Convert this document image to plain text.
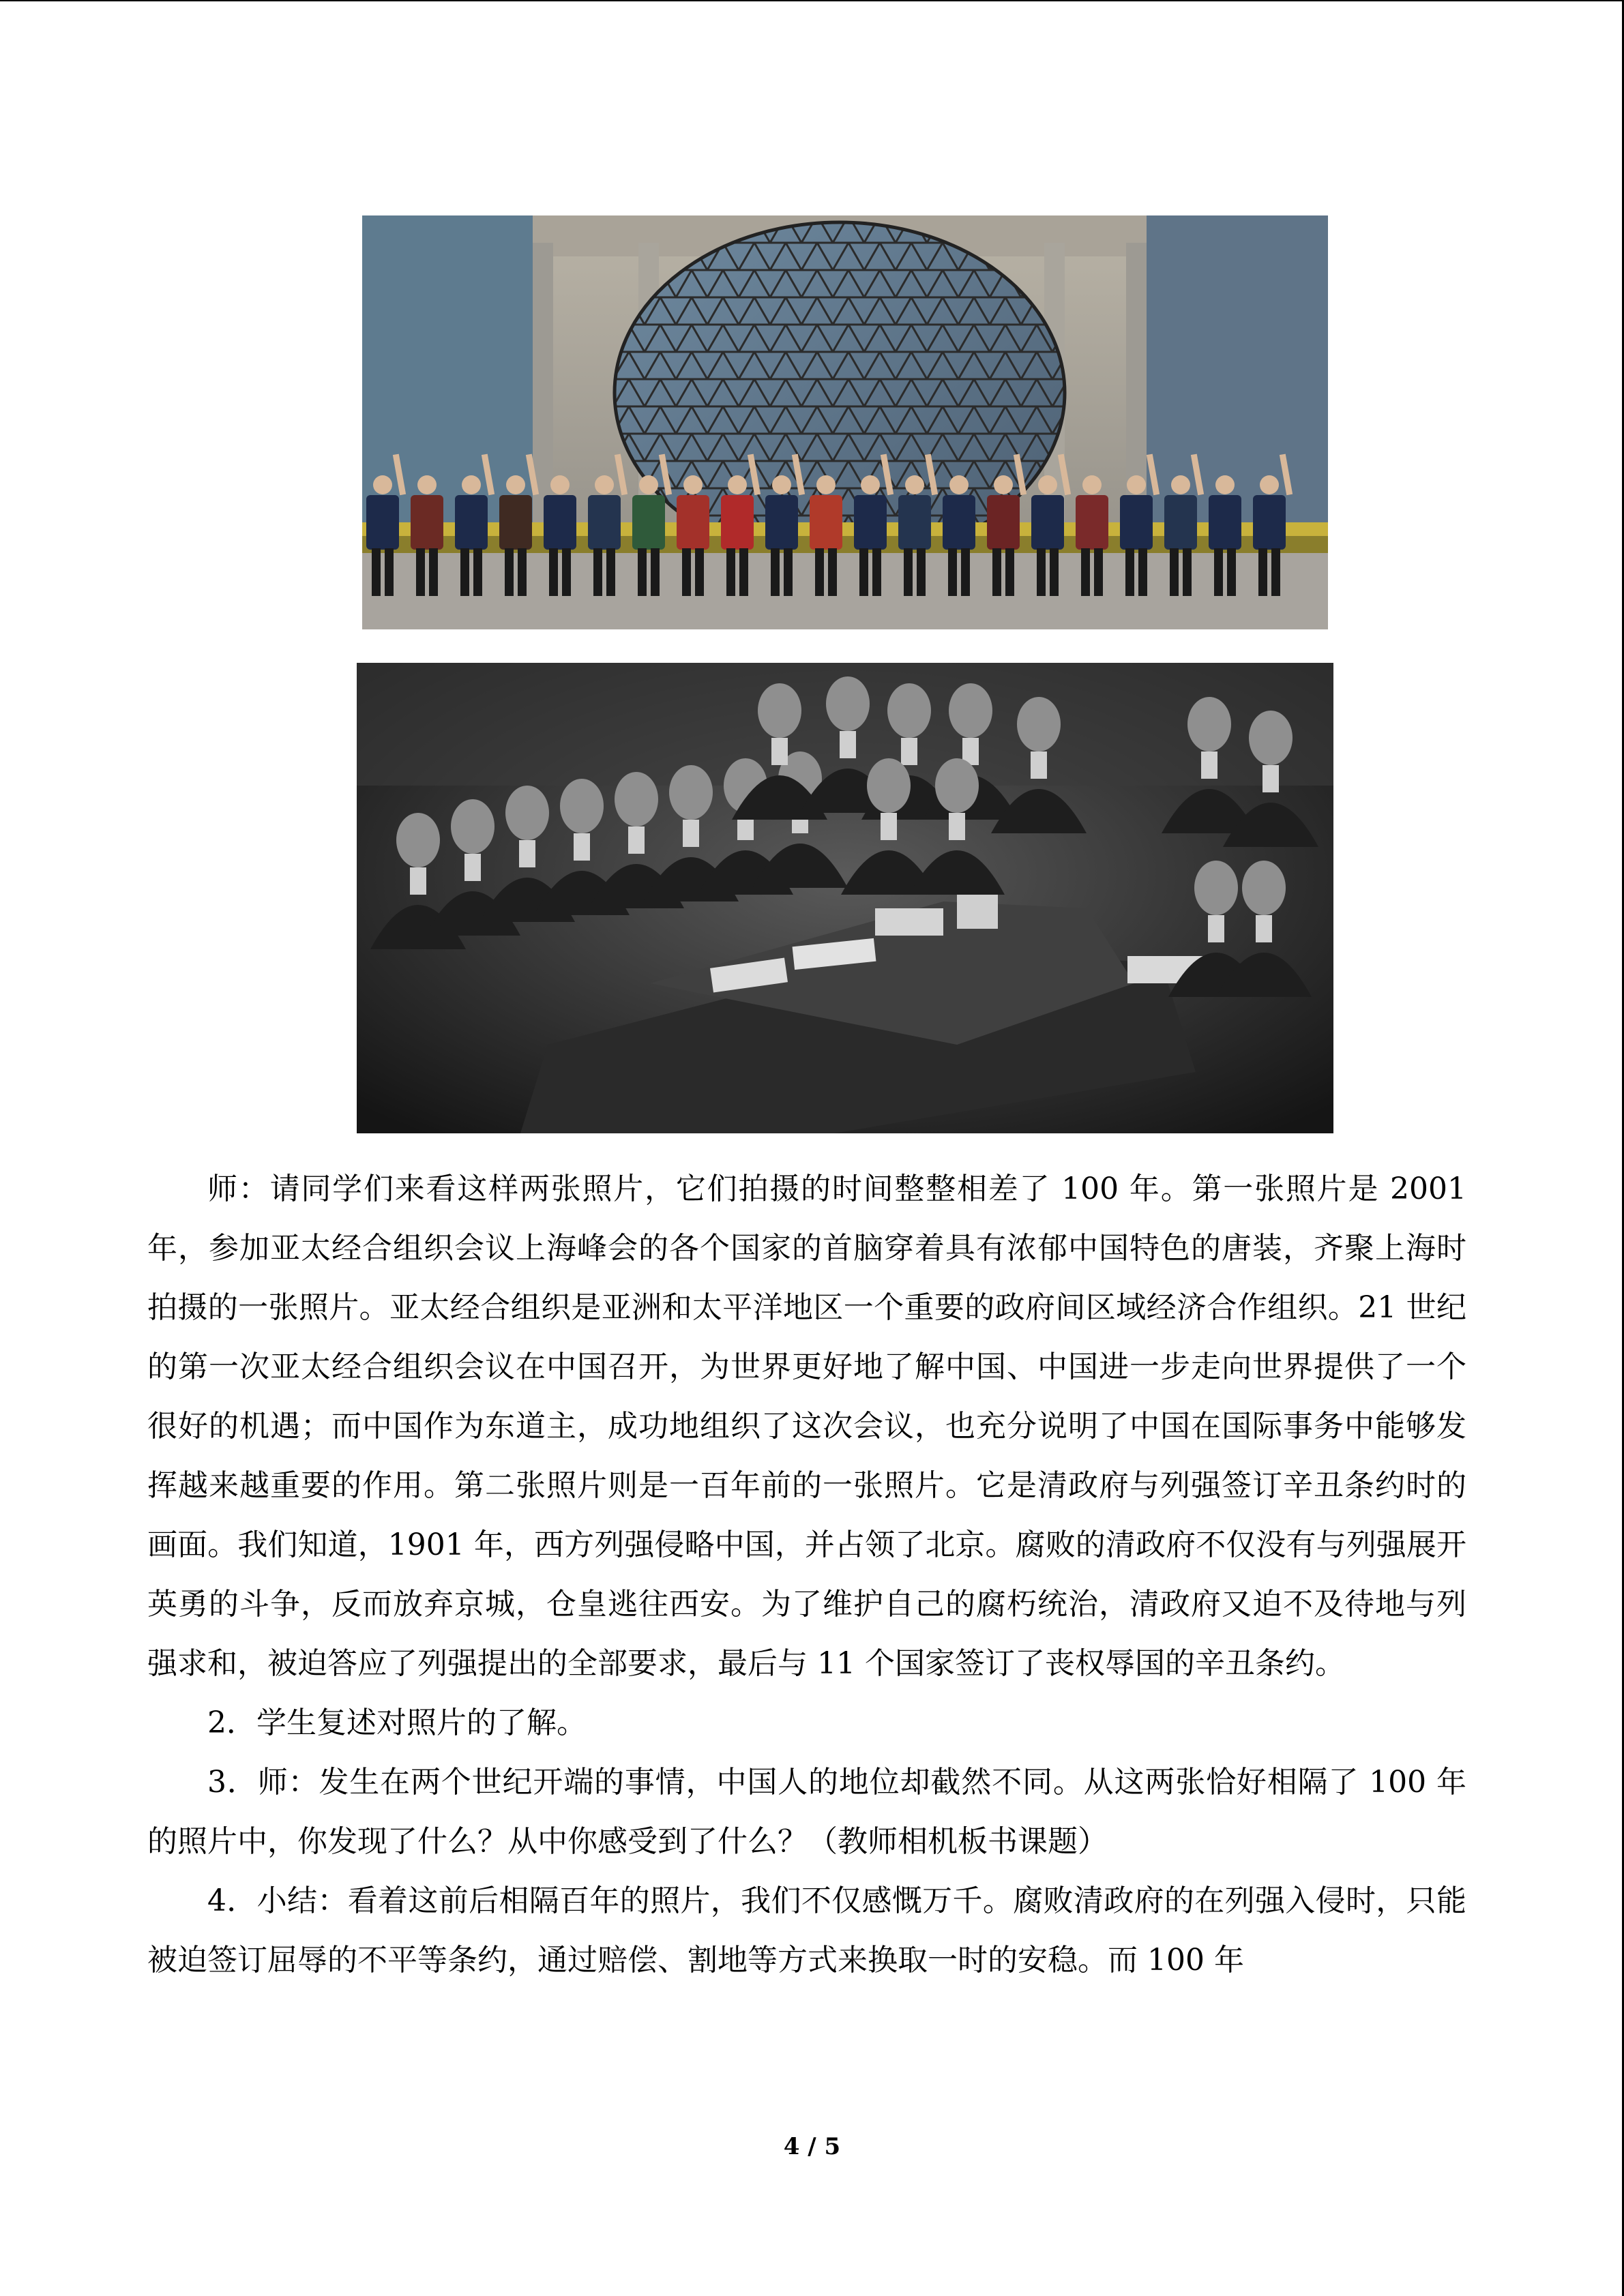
师：请同学们来看这样两张照片，它们拍摄的时间整整相差了 100 年。第一张照片是 2001 年，参加亚太经合组织会议上海峰会的各个国家的首脑穿着具有浓郁中国特色的唐装，齐聚上海时拍摄的一张照片。亚太经合组织是亚洲和太平洋地区一个重要的政府间区域经济合作组织。21 世纪的第一次亚太经合组织会议在中国召开，为世界更好地了解中国、中国进一步走向世界提供了一个很好的机遇；而中国作为东道主，成功地组织了这次会议，也充分说明了中国在国际事务中能够发挥越来越重要的作用。第二张照片则是一百年前的一张照片。它是清政府与列强签订辛丑条约时的画面。我们知道，1901 年，西方列强侵略中国，并占领了北京。腐败的清政府不仅没有与列强展开英勇的斗争，反而放弃京城，仓皇逃往西安。为了维护自己的腐朽统治，清政府又迫不及待地与列强求和，被迫答应了列强提出的全部要求，最后与 11 个国家签订了丧权辱国的辛丑条约。

2．学生复述对照片的了解。

3．师：发生在两个世纪开端的事情，中国人的地位却截然不同。从这两张恰好相隔了 100 年的照片中，你发现了什么？从中你感受到了什么？（教师相机板书课题）

4．小结：看着这前后相隔百年的照片，我们不仅感慨万千。腐败清政府的在列强入侵时，只能被迫签订屈辱的不平等条约，通过赔偿、割地等方式来换取一时的安稳。而 100 年

4 / 5
